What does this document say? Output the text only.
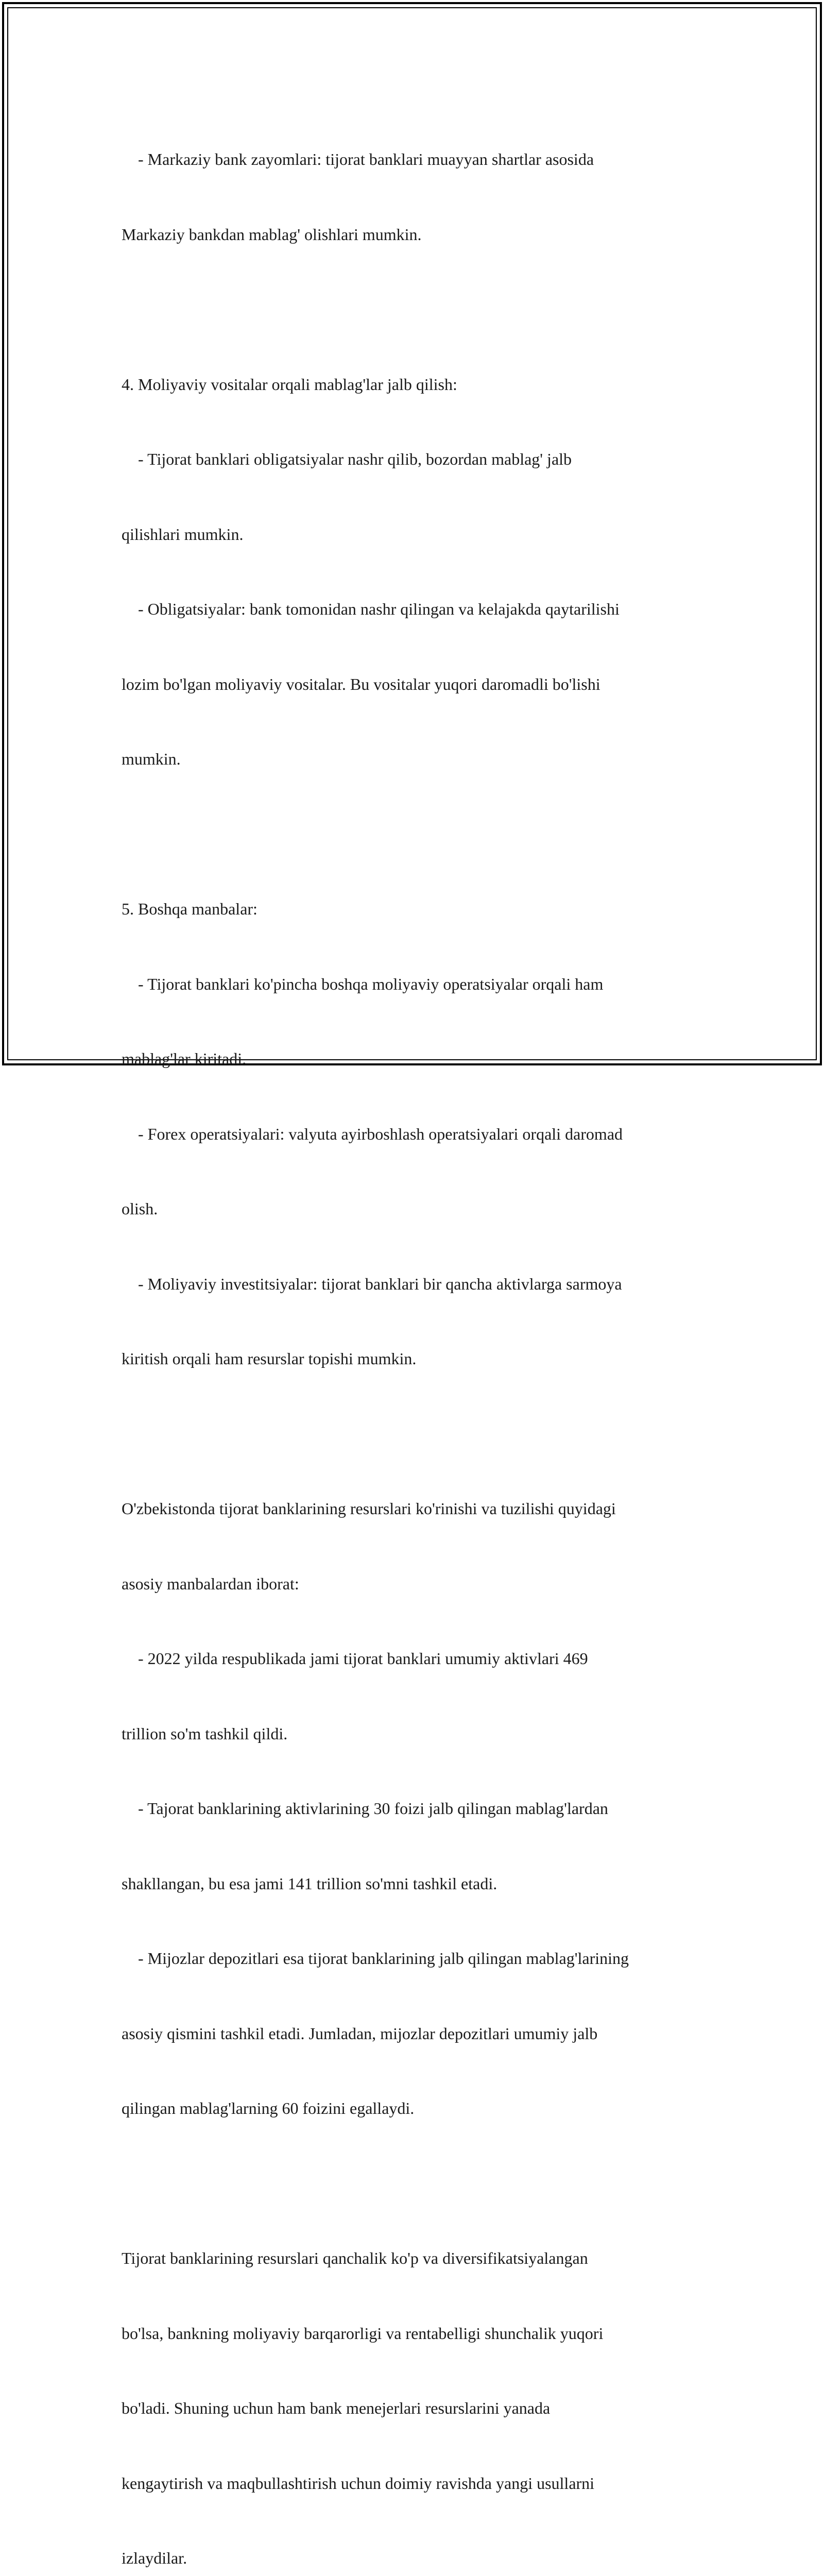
- Markaziy bank zayomlari: tijorat banklari muayyan shartlar asosida

Markaziy bankdan mablag' olishlari mumkin.

4. Moliyaviy vositalar orqali mablag'lar jalb qilish:

- Tijorat banklari obligatsiyalar nashr qilib, bozordan mablag' jalb

qilishlari mumkin.

- Obligatsiyalar: bank tomonidan nashr qilingan va kelajakda qaytarilishi

lozim bo'lgan moliyaviy vositalar. Bu vositalar yuqori daromadli bo'lishi

mumkin.

5. Boshqa manbalar:

- Tijorat banklari ko'pincha boshqa moliyaviy operatsiyalar orqali ham

mablag'lar kiritadi.

- Forex operatsiyalari: valyuta ayirboshlash operatsiyalari orqali daromad

olish.

- Moliyaviy investitsiyalar: tijorat banklari bir qancha aktivlarga sarmoya

kiritish orqali ham resurslar topishi mumkin.

O'zbekistonda tijorat banklarining resurslari ko'rinishi va tuzilishi quyidagi

asosiy manbalardan iborat:

- 2022 yilda respublikada jami tijorat banklari umumiy aktivlari 469

trillion so'm tashkil qildi.

- Tajorat banklarining aktivlarining 30 foizi jalb qilingan mablag'lardan

shakllangan, bu esa jami 141 trillion so'mni tashkil etadi.

- Mijozlar depozitlari esa tijorat banklarining jalb qilingan mablag'larining

asosiy qismini tashkil etadi. Jumladan, mijozlar depozitlari umumiy jalb

qilingan mablag'larning 60 foizini egallaydi.

Tijorat banklarining resurslari qanchalik ko'p va diversifikatsiyalangan

bo'lsa, bankning moliyaviy barqarorligi va rentabelligi shunchalik yuqori

bo'ladi. Shuning uchun ham bank menejerlari resurslarini yanada

kengaytirish va maqbullashtirish uchun doimiy ravishda yangi usullarni

izlaydilar.
